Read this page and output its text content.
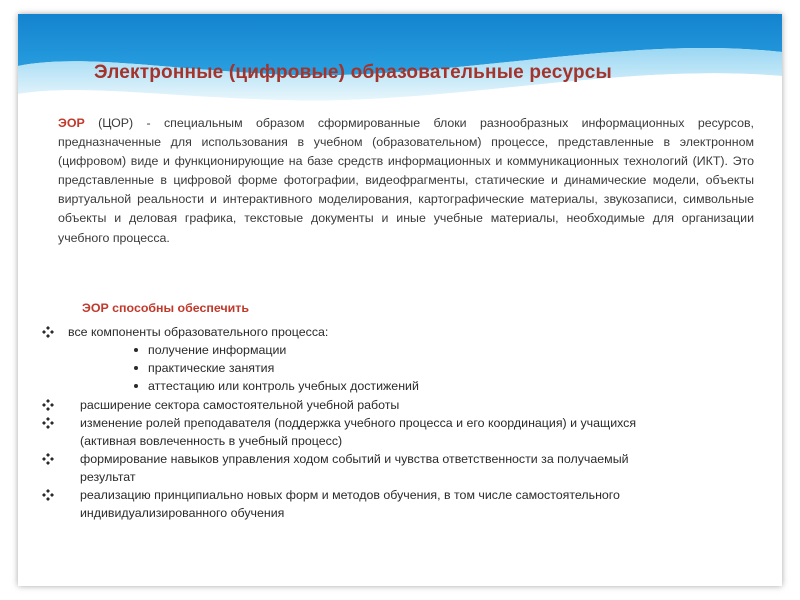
Электронные (цифровые) образовательные ресурсы
ЭОР (ЦОР) - специальным образом сформированные блоки разнообразных информационных ресурсов, предназначенные для использования в учебном (образовательном) процессе, представленные в электронном (цифровом) виде и функционирующие на базе средств информационных и коммуникационных технологий (ИКТ). Это представленные в цифровой форме фотографии, видеофрагменты, статические и динамические модели, объекты виртуальной реальности и интерактивного моделирования, картографические материалы, звукозаписи, символьные объекты и деловая графика, текстовые документы и иные учебные материалы, необходимые для организации учебного процесса.
ЭОР способны обеспечить
все компоненты образовательного процесса:
получение информации
практические занятия
аттестацию или контроль учебных достижений
расширение сектора самостоятельной учебной работы
изменение ролей преподавателя (поддержка учебного процесса и его координация) и учащихся
(активная вовлеченность в учебный процесс)
формирование навыков управления ходом событий и чувства ответственности за получаемый
результат
реализацию принципиально новых форм и методов обучения, в том числе самостоятельного
индивидуализированного обучения
